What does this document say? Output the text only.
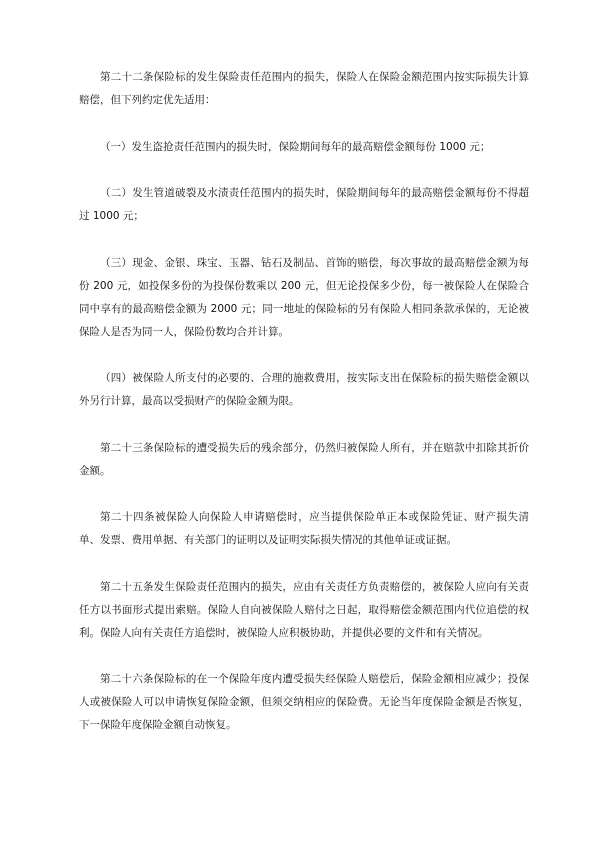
第二十二条保险标的发生保险责任范围内的损失，保险人在保险金额范围内按实际损失计算赔偿，但下列约定优先适用：

（一）发生盗抢责任范围内的损失时，保险期间每年的最高赔偿金额每份 1000 元；

（二）发生管道破裂及水渍责任范围内的损失时，保险期间每年的最高赔偿金额每份不得超过 1000 元；

（三）现金、金银、珠宝、玉器、钻石及制品、首饰的赔偿，每次事故的最高赔偿金额为每份 200 元，如投保多份的为投保份数乘以 200 元，但无论投保多少份，每一被保险人在保险合同中享有的最高赔偿金额为 2000 元；同一地址的保险标的另有保险人相同条款承保的，无论被保险人是否为同一人，保险份数均合并计算。

（四）被保险人所支付的必要的、合理的施救费用，按实际支出在保险标的损失赔偿金额以外另行计算，最高以受损财产的保险金额为限。

第二十三条保险标的遭受损失后的残余部分，仍然归被保险人所有，并在赔款中扣除其折价金额。

第二十四条被保险人向保险人申请赔偿时，应当提供保险单正本或保险凭证、财产损失清单、发票、费用单据、有关部门的证明以及证明实际损失情况的其他单证或证据。

第二十五条发生保险责任范围内的损失，应由有关责任方负责赔偿的，被保险人应向有关责任方以书面形式提出索赔。保险人自向被保险人赔付之日起，取得赔偿金额范围内代位追偿的权利。保险人向有关责任方追偿时，被保险人应积极协助，并提供必要的文件和有关情况。

第二十六条保险标的在一个保险年度内遭受损失经保险人赔偿后，保险金额相应减少；投保人或被保险人可以申请恢复保险金额，但须交纳相应的保险费。无论当年度保险金额是否恢复，下一保险年度保险金额自动恢复。
